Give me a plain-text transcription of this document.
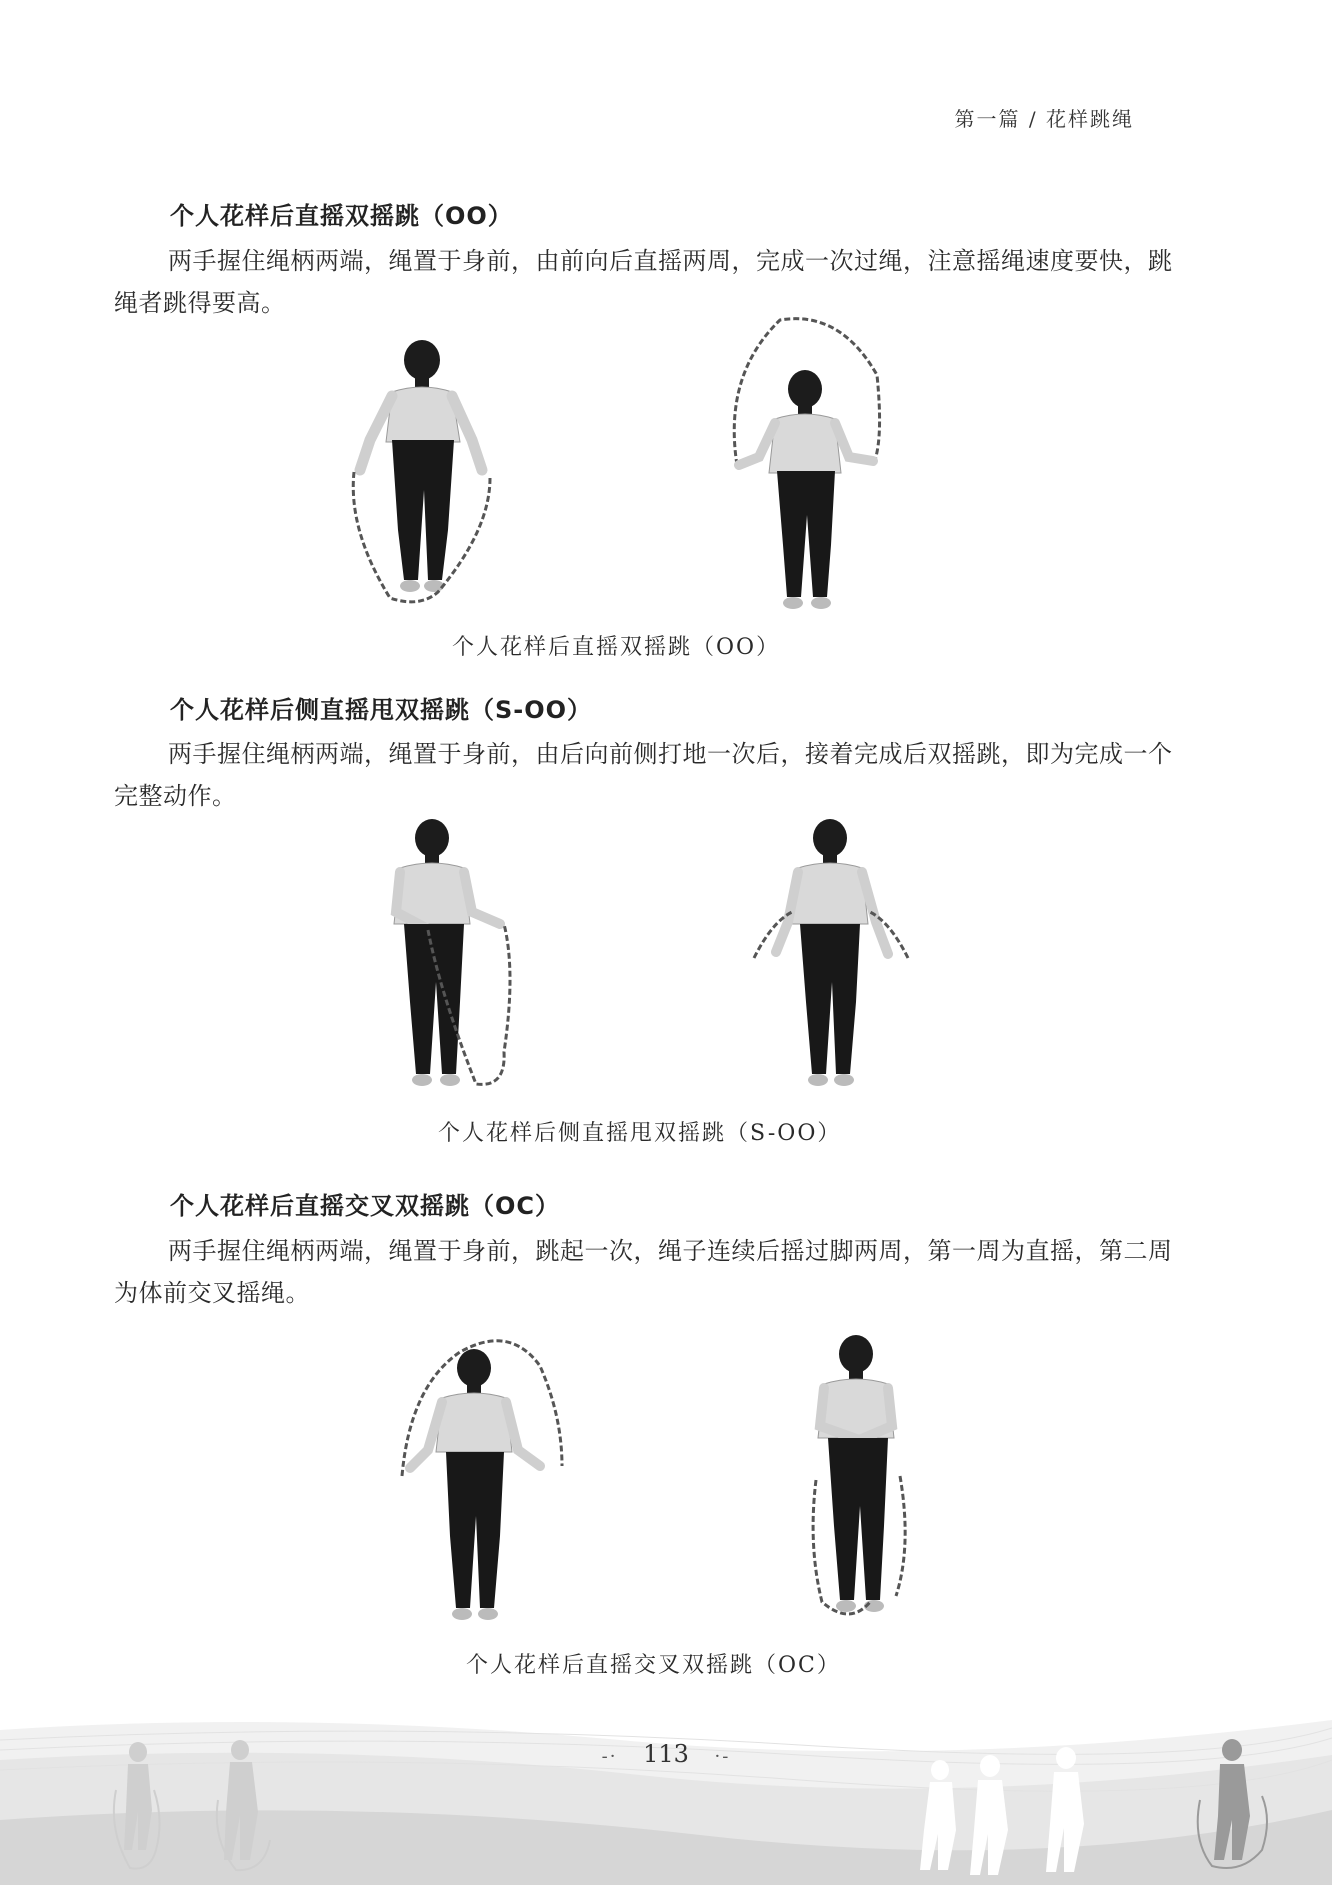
第一篇 / 花样跳绳
个人花样后直摇双摇跳（OO）
两手握住绳柄两端，绳置于身前，由前向后直摇两周，完成一次过绳，注意摇绳速度要快，跳绳者跳得要高。
个人花样后直摇双摇跳（OO）
个人花样后侧直摇甩双摇跳（S-OO）
两手握住绳柄两端，绳置于身前，由后向前侧打地一次后，接着完成后双摇跳，即为完成一个完整动作。
个人花样后侧直摇甩双摇跳（S-OO）
个人花样后直摇交叉双摇跳（OC）
两手握住绳柄两端，绳置于身前，跳起一次，绳子连续后摇过脚两周，第一周为直摇，第二周为体前交叉摇绳。
个人花样后直摇交叉双摇跳（OC）
-· 113 ·-
